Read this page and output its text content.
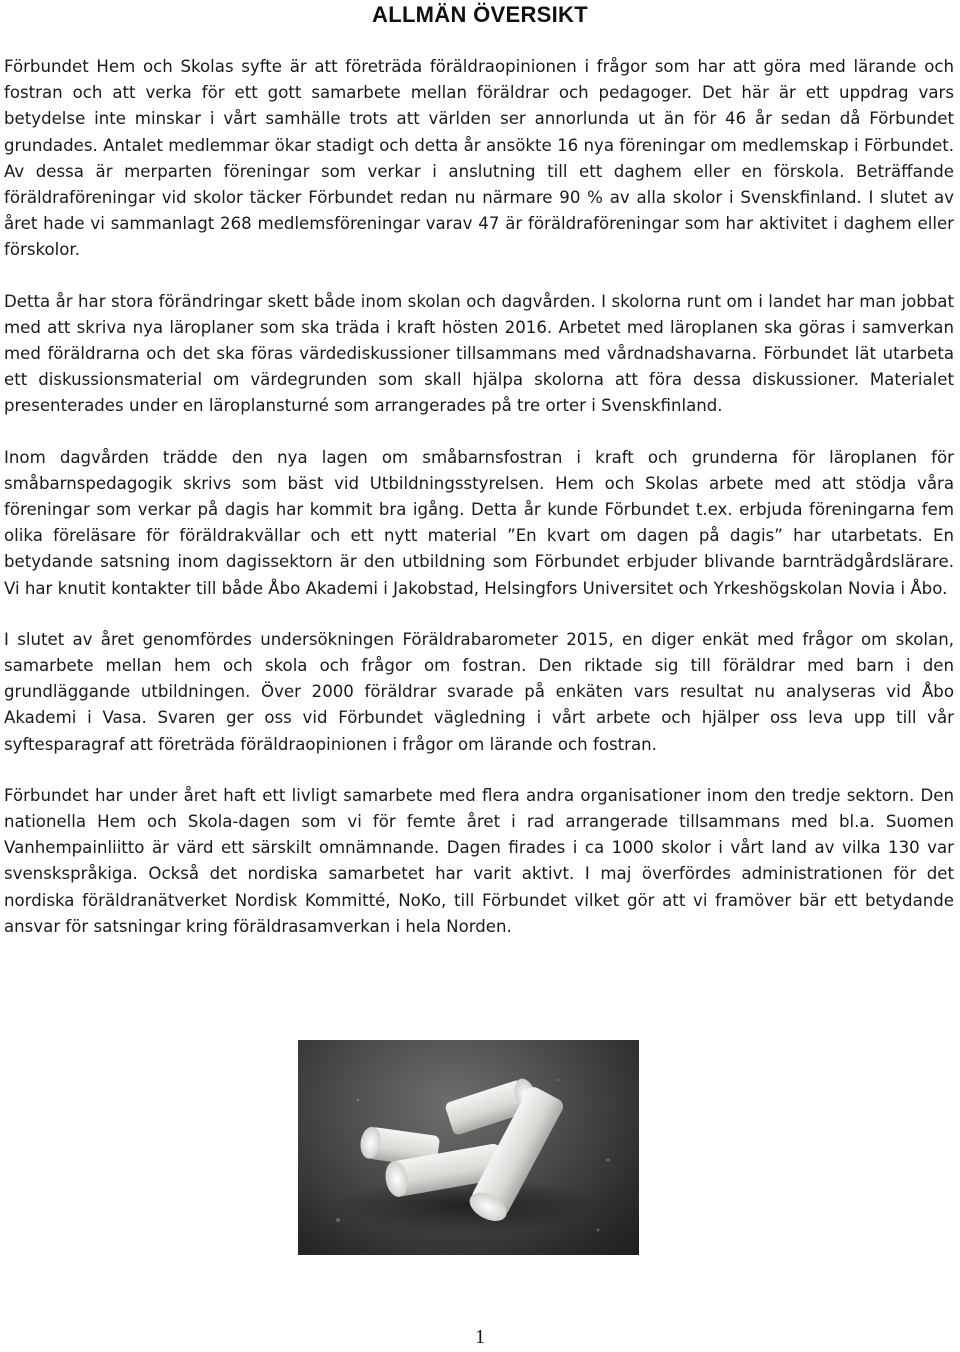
ALLMÄN ÖVERSIKT

Förbundet Hem och Skolas syfte är att företräda föräldraopinionen i frågor som har att göra med lärande och fostran och att verka för ett gott samarbete mellan föräldrar och pedagoger. Det här är ett uppdrag vars betydelse inte minskar i vårt samhälle trots att världen ser annorlunda ut än för 46 år sedan då Förbundet grundades. Antalet medlemmar ökar stadigt och detta år ansökte 16 nya föreningar om medlemskap i Förbundet. Av dessa är merparten föreningar som verkar i anslutning till ett daghem eller en förskola. Beträffande föräldraföreningar vid skolor täcker Förbundet redan nu närmare 90 % av alla skolor i Svenskfinland. I slutet av året hade vi sammanlagt 268 medlemsföreningar varav 47 är föräldraföreningar som har aktivitet i daghem eller förskolor.

Detta år har stora förändringar skett både inom skolan och dagvården. I skolorna runt om i landet har man jobbat med att skriva nya läroplaner som ska träda i kraft hösten 2016. Arbetet med läroplanen ska göras i samverkan med föräldrarna och det ska föras värdediskussioner tillsammans med vårdnadshavarna. Förbundet lät utarbeta ett diskussionsmaterial om värdegrunden som skall hjälpa skolorna att föra dessa diskussioner. Materialet presenterades under en läroplansturné som arrangerades på tre orter i Svenskfinland.

Inom dagvården trädde den nya lagen om småbarnsfostran i kraft och grunderna för läroplanen för småbarnspedagogik skrivs som bäst vid Utbildningsstyrelsen. Hem och Skolas arbete med att stödja våra föreningar som verkar på dagis har kommit bra igång. Detta år kunde Förbundet t.ex. erbjuda föreningarna fem olika föreläsare för föräldrakvällar och ett nytt material ”En kvart om dagen på dagis” har utarbetats. En betydande satsning inom dagissektorn är den utbildning som Förbundet erbjuder blivande barnträdgårdslärare. Vi har knutit kontakter till både Åbo Akademi i Jakobstad, Helsingfors Universitet och Yrkeshögskolan Novia i Åbo.

I slutet av året genomfördes undersökningen Föräldrabarometer 2015, en diger enkät med frågor om skolan, samarbete mellan hem och skola och frågor om fostran. Den riktade sig till föräldrar med barn i den grundläggande utbildningen. Över 2000 föräldrar svarade på enkäten vars resultat nu analyseras vid Åbo Akademi i Vasa. Svaren ger oss vid Förbundet vägledning i vårt arbete och hjälper oss leva upp till vår syftesparagraf att företräda föräldraopinionen i frågor om lärande och fostran.

Förbundet har under året haft ett livligt samarbete med flera andra organisationer inom den tredje sektorn. Den nationella Hem och Skola-dagen som vi för femte året i rad arrangerade tillsammans med bl.a. Suomen Vanhempainliitto är värd ett särskilt omnämnande. Dagen firades i ca 1000 skolor i vårt land av vilka 130 var svenskspråkiga. Också det nordiska samarbetet har varit aktivt. I maj överfördes administrationen för det nordiska föräldranätverket Nordisk Kommitté, NoKo, till Förbundet vilket gör att vi framöver bär ett betydande ansvar för satsningar kring föräldrasamverkan i hela Norden.

1
